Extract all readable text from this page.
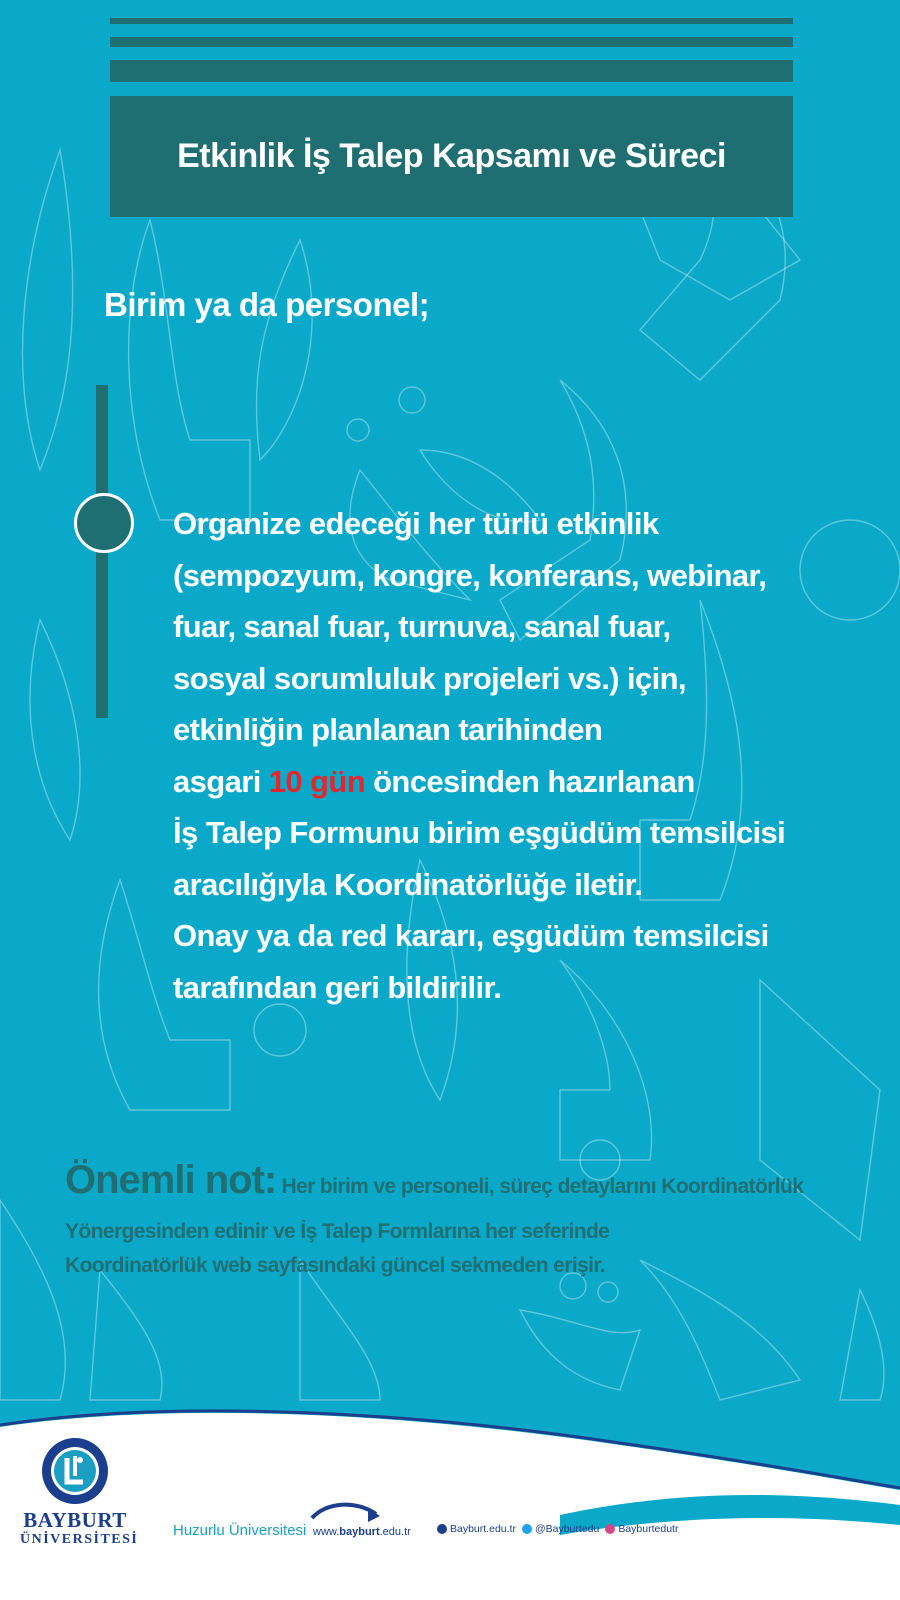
Etkinlik İş Talep Kapsamı ve Süreci
Birim ya da personel;
Organize edeceği her türlü etkinlik
(sempozyum, kongre, konferans, webinar,
fuar, sanal fuar, turnuva, sanal fuar,
sosyal sorumluluk projeleri vs.) için,
etkinliğin planlanan tarihinden
asgari 10 gün öncesinden hazırlanan
İş Talep Formunu birim eşgüdüm temsilcisi
aracılığıyla Koordinatörlüğe iletir.
Onay ya da red kararı, eşgüdüm temsilcisi
tarafından geri bildirilir.
Önemli not: Her birim ve personeli, süreç detaylarını Koordinatörlük
Yönergesinden edinir ve İş Talep Formlarına her seferinde
Koordinatörlük web sayfasındaki güncel sekmeden erişir.
BAYBURT
ÜNİVERSİTESİ
Huzurlu Üniversitesi www.bayburt.edu.tr	Bayburt.edu.tr @Bayburtedu Bayburtedutr
